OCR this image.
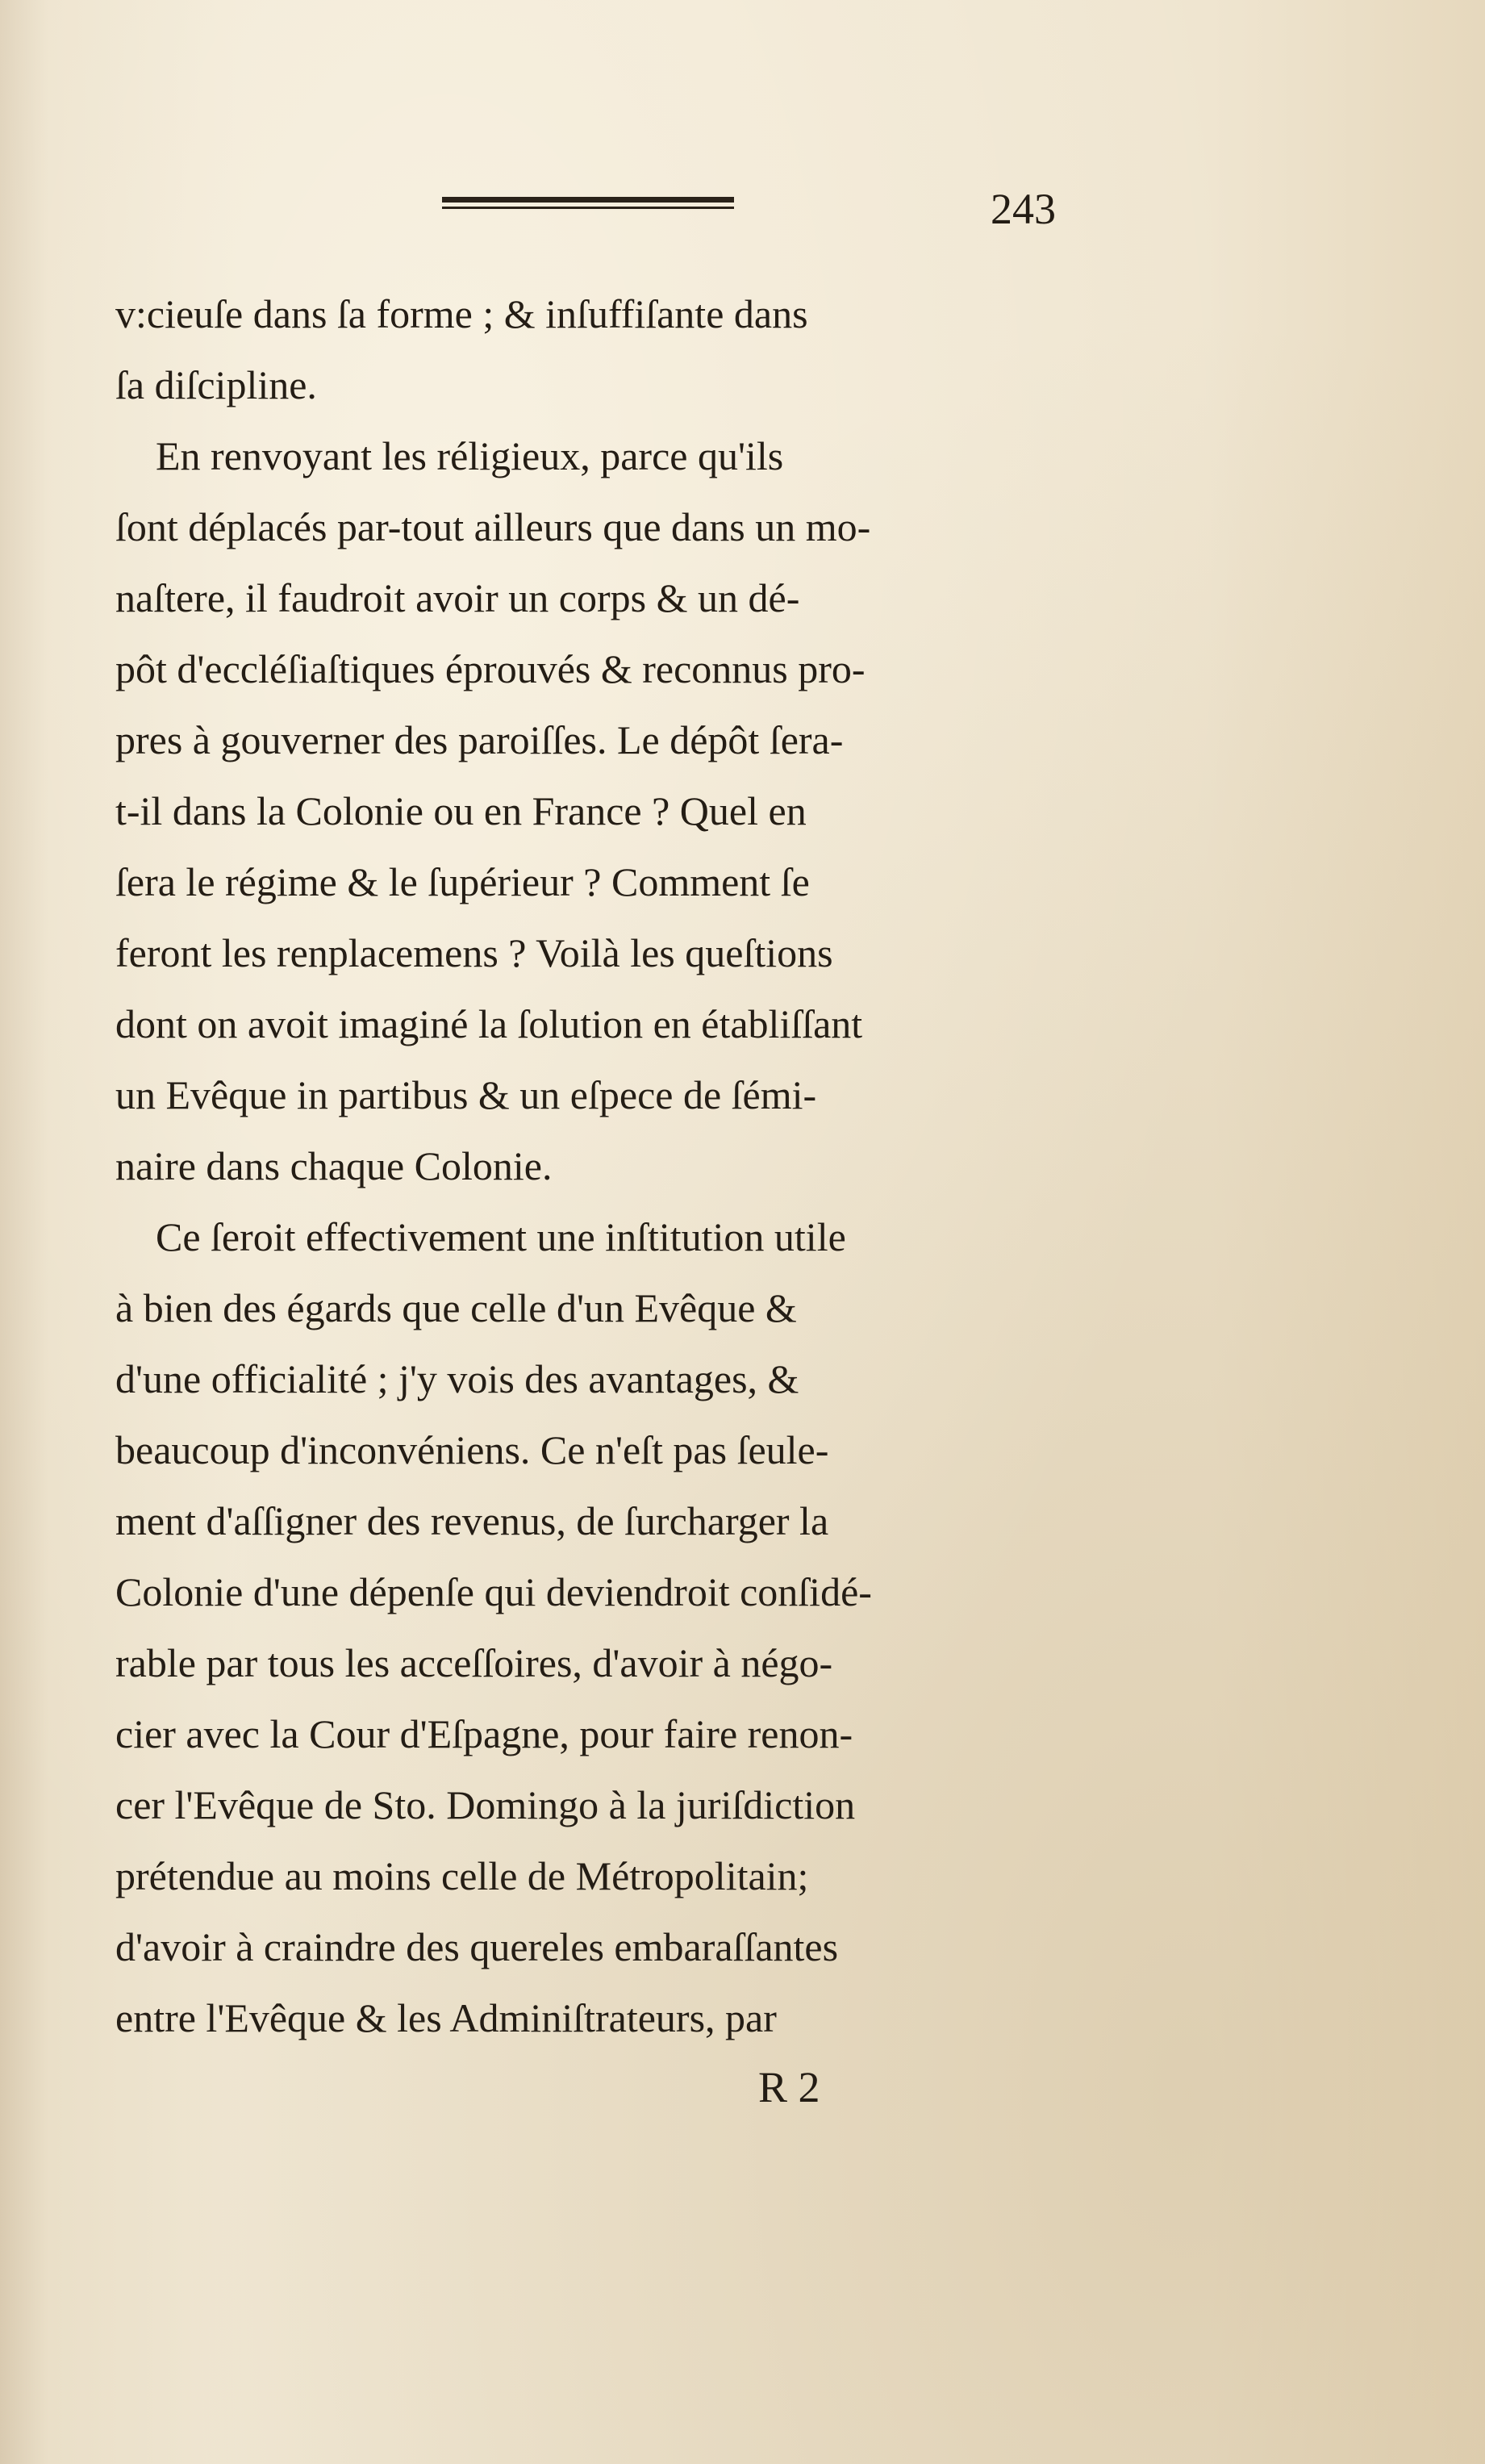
243
v:cieuſe dans ſa forme ; & inſuffiſante dans
ſa diſcipline.
En renvoyant les réligieux, parce qu'ils
ſont déplacés par-tout ailleurs que dans un mo-
naſtere, il faudroit avoir un corps & un dé-
pôt d'eccléſiaſtiques éprouvés & reconnus pro-
pres à gouverner des paroiſſes. Le dépôt ſera-
t-il dans la Colonie ou en France ? Quel en
ſera le régime & le ſupérieur ? Comment ſe
feront les renplacemens ? Voilà les queſtions
dont on avoit imaginé la ſolution en établiſſant
un Evêque in partibus & un eſpece de ſémi-
naire dans chaque Colonie.
Ce ſeroit effectivement une inſtitution utile
à bien des égards que celle d'un Evêque &
d'une officialité ; j'y vois des avantages, &
beaucoup d'inconvéniens. Ce n'eſt pas ſeule-
ment d'aſſigner des revenus, de ſurcharger la
Colonie d'une dépenſe qui deviendroit conſidé-
rable par tous les acceſſoires, d'avoir à négo-
cier avec la Cour d'Eſpagne, pour faire renon-
cer l'Evêque de Sto. Domingo à la juriſdiction
prétendue au moins celle de Métropolitain;
d'avoir à craindre des quereles embaraſſantes
entre l'Evêque & les Adminiſtrateurs, par
R 2
